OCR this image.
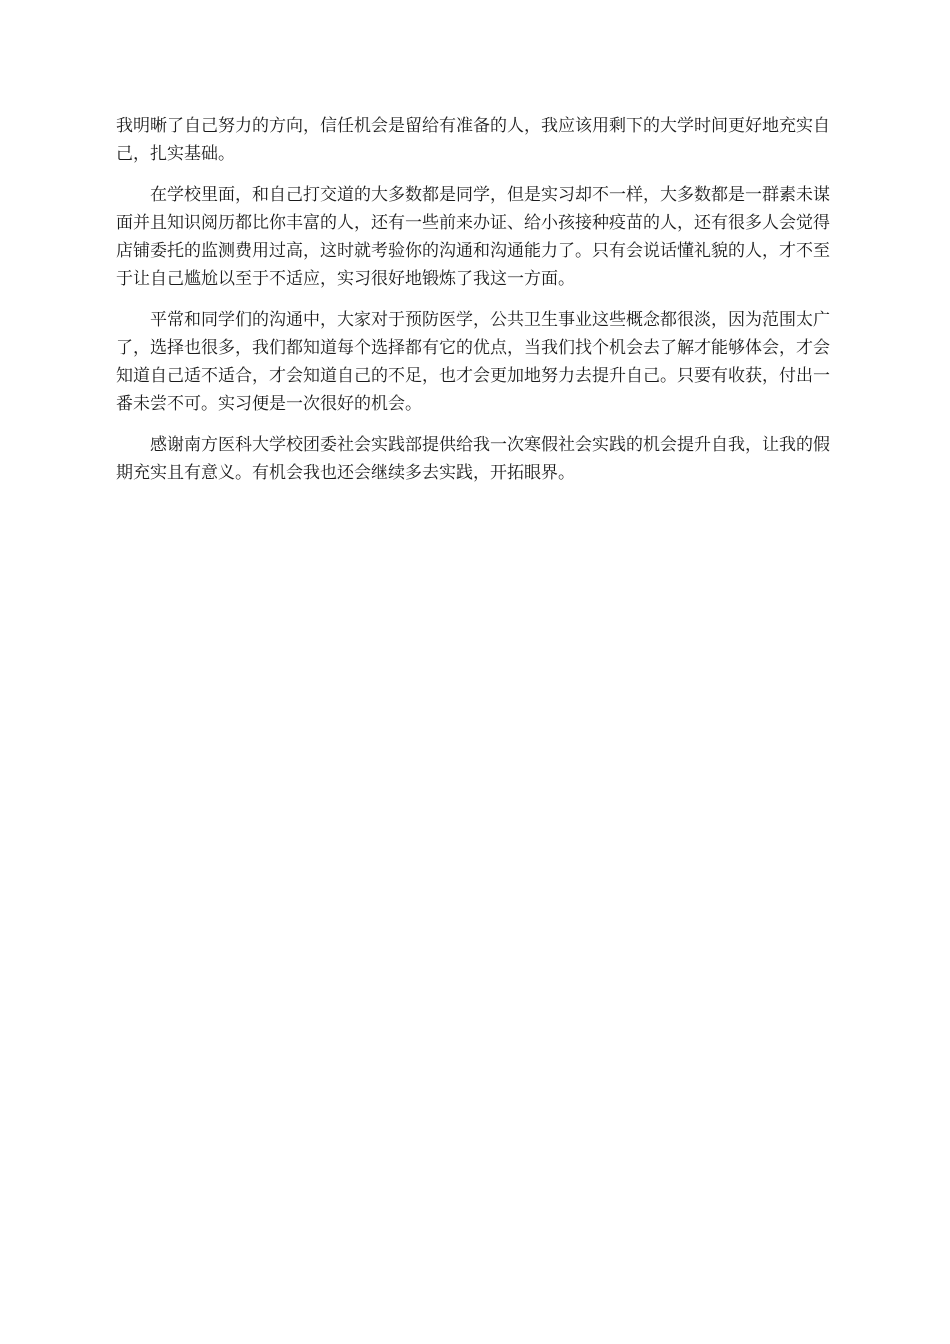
我明晰了自己努力的方向，信任机会是留给有准备的人，我应该用剩下的大学时间更好地充实自己，扎实基础。

在学校里面，和自己打交道的大多数都是同学，但是实习却不一样，大多数都是一群素未谋面并且知识阅历都比你丰富的人，还有一些前来办证、给小孩接种疫苗的人，还有很多人会觉得店铺委托的监测费用过高，这时就考验你的沟通和沟通能力了。只有会说话懂礼貌的人，才不至于让自己尴尬以至于不适应，实习很好地锻炼了我这一方面。

平常和同学们的沟通中，大家对于预防医学，公共卫生事业这些概念都很淡，因为范围太广了，选择也很多，我们都知道每个选择都有它的优点，当我们找个机会去了解才能够体会，才会知道自己适不适合，才会知道自己的不足，也才会更加地努力去提升自己。只要有收获，付出一番未尝不可。实习便是一次很好的机会。

感谢南方医科大学校团委社会实践部提供给我一次寒假社会实践的机会提升自我，让我的假期充实且有意义。有机会我也还会继续多去实践，开拓眼界。
